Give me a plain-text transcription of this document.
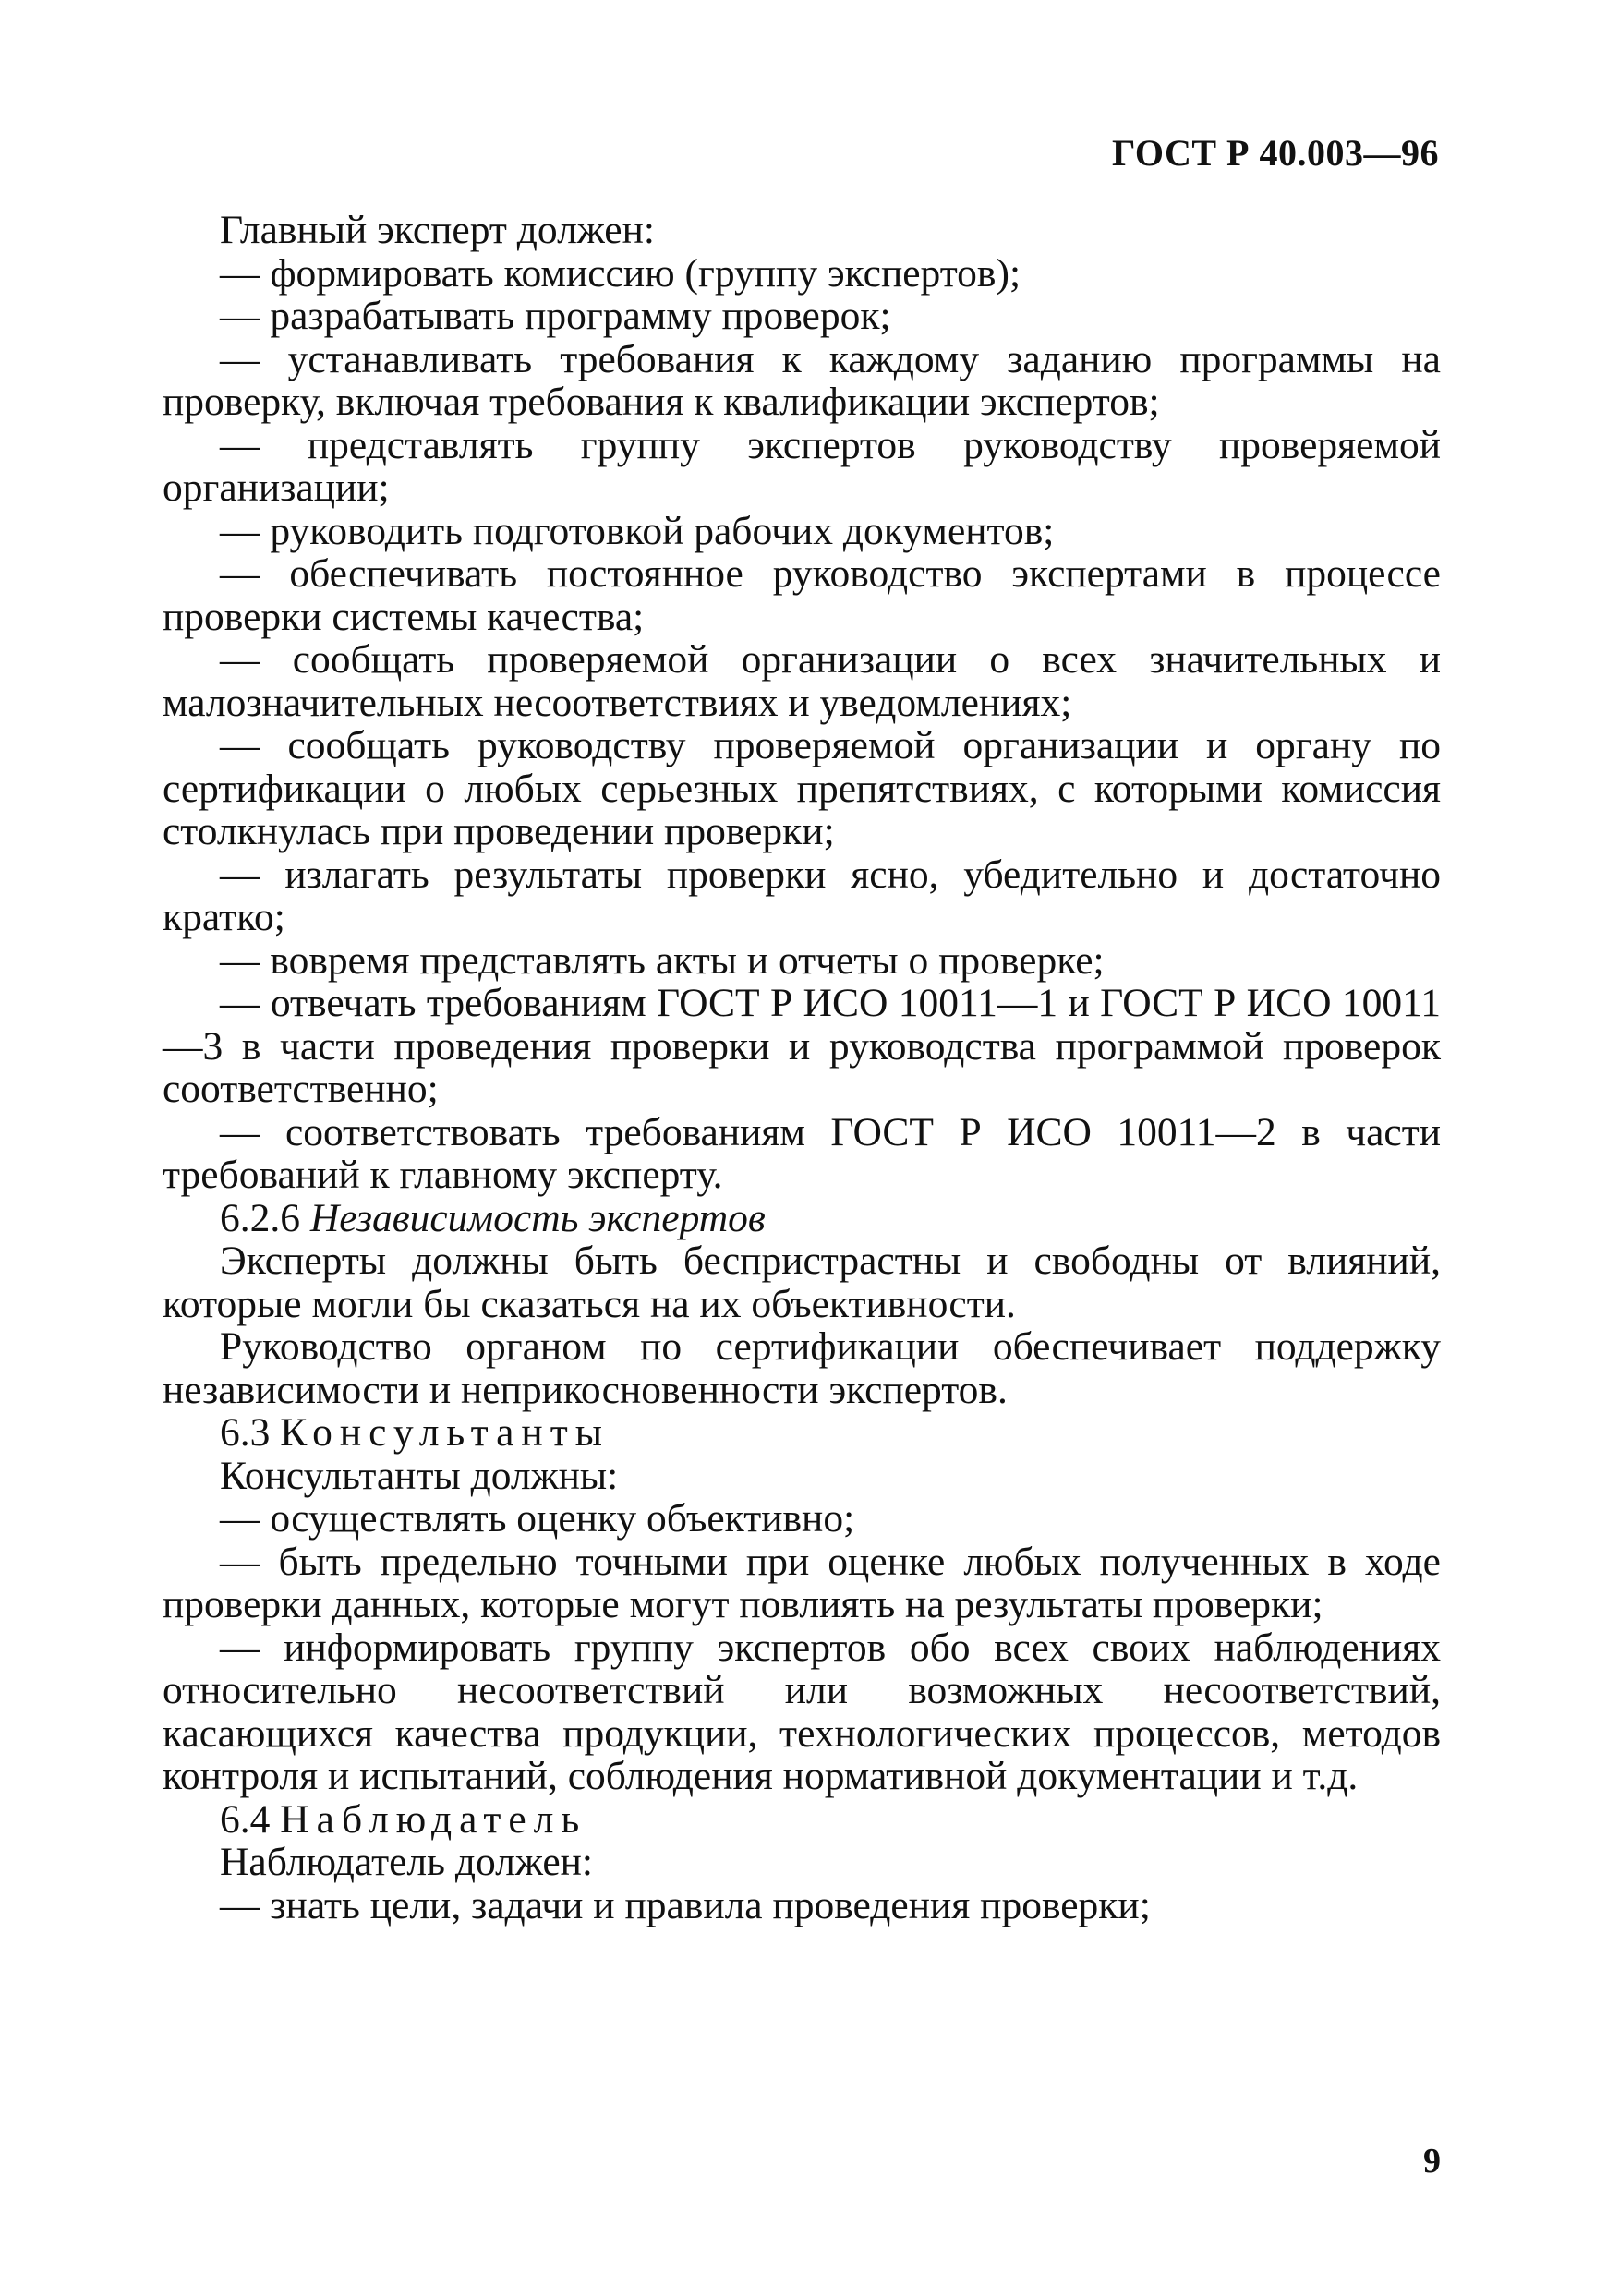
ГОСТ Р 40.003—96

Главный эксперт должен:

— формировать комиссию (группу экспертов);

— разрабатывать программу проверок;

— устанавливать требования к каждому заданию программы на проверку, включая требования к квалификации экспертов;

— представлять группу экспертов руководству проверяемой организации;

— руководить подготовкой рабочих документов;

— обеспечивать постоянное руководство экспертами в процессе проверки системы качества;

— сообщать проверяемой организации о всех значительных и малозначительных несоответствиях и уведомлениях;

— сообщать руководству проверяемой организации и органу по сертификации о любых серьезных препятствиях, с которыми комиссия столкнулась при проведении проверки;

— излагать результаты проверки ясно, убедительно и достаточно кратко;

— вовремя представлять акты и отчеты о проверке;

— отвечать требованиям ГОСТ Р ИСО 10011—1 и ГОСТ Р ИСО 10011—3 в части проведения проверки и руководства программой проверок соответственно;

— соответствовать требованиям ГОСТ Р ИСО 10011—2 в части требований к главному эксперту.

6.2.6 Независимость экспертов

Эксперты должны быть беспристрастны и свободны от влияний, которые могли бы сказаться на их объективности.

Руководство органом по сертификации обеспечивает поддержку независимости и неприкосновенности экспертов.

6.3 Консультанты

Консультанты должны:

— осуществлять оценку объективно;

— быть предельно точными при оценке любых полученных в ходе проверки данных, которые могут повлиять на результаты проверки;

— информировать группу экспертов обо всех своих наблюдениях относительно несоответствий или возможных несоответствий, касающихся качества продукции, технологических процессов, методов контроля и испытаний, соблюдения нормативной документации и т.д.

6.4 Наблюдатель

Наблюдатель должен:

— знать цели, задачи и правила проведения проверки;

9
